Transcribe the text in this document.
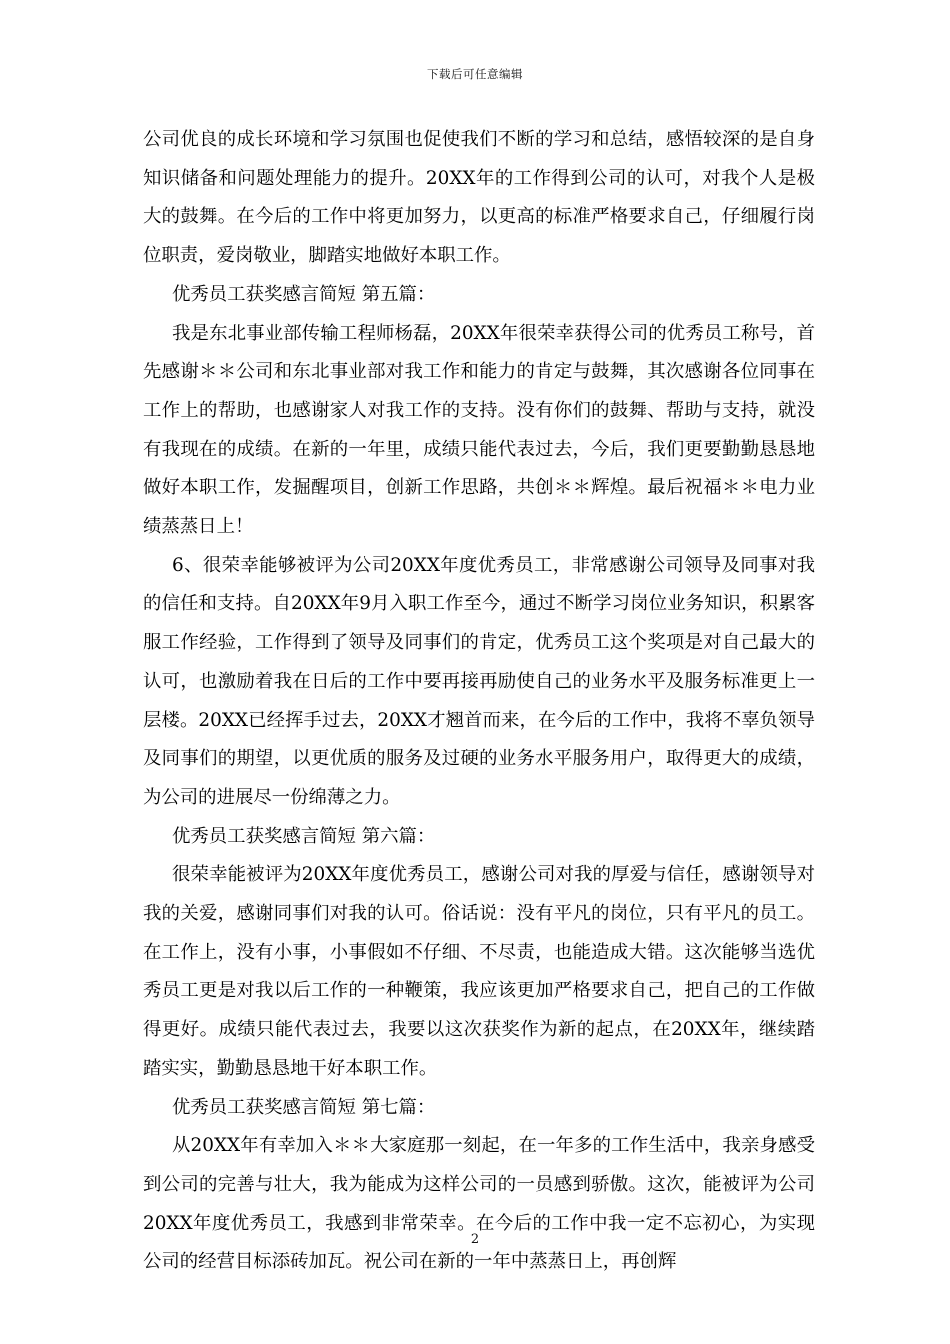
下载后可任意编辑

公司优良的成长环境和学习氛围也促使我们不断的学习和总结，感悟较深的是自身知识储备和问题处理能力的提升。20XX年的工作得到公司的认可，对我个人是极大的鼓舞。在今后的工作中将更加努力，以更高的标准严格要求自己，仔细履行岗位职责，爱岗敬业，脚踏实地做好本职工作。

优秀员工获奖感言简短 第五篇：

我是东北事业部传输工程师杨磊，20XX年很荣幸获得公司的优秀员工称号，首先感谢＊＊公司和东北事业部对我工作和能力的肯定与鼓舞，其次感谢各位同事在工作上的帮助，也感谢家人对我工作的支持。没有你们的鼓舞、帮助与支持，就没有我现在的成绩。在新的一年里，成绩只能代表过去，今后，我们更要勤勤恳恳地做好本职工作，发掘醒项目，创新工作思路，共创＊＊辉煌。最后祝福＊＊电力业绩蒸蒸日上！

6、很荣幸能够被评为公司20XX年度优秀员工，非常感谢公司领导及同事对我的信任和支持。自20XX年9月入职工作至今，通过不断学习岗位业务知识，积累客服工作经验，工作得到了领导及同事们的肯定，优秀员工这个奖项是对自己最大的认可，也激励着我在日后的工作中要再接再励使自己的业务水平及服务标准更上一层楼。20XX已经挥手过去，20XX才翘首而来，在今后的工作中，我将不辜负领导及同事们的期望，以更优质的服务及过硬的业务水平服务用户，取得更大的成绩，为公司的进展尽一份绵薄之力。

优秀员工获奖感言简短 第六篇：

很荣幸能被评为20XX年度优秀员工，感谢公司对我的厚爱与信任，感谢领导对我的关爱，感谢同事们对我的认可。俗话说：没有平凡的岗位，只有平凡的员工。在工作上，没有小事，小事假如不仔细、不尽责，也能造成大错。这次能够当选优秀员工更是对我以后工作的一种鞭策，我应该更加严格要求自己，把自己的工作做得更好。成绩只能代表过去，我要以这次获奖作为新的起点，在20XX年，继续踏踏实实，勤勤恳恳地干好本职工作。

优秀员工获奖感言简短 第七篇：

从20XX年有幸加入＊＊大家庭那一刻起，在一年多的工作生活中，我亲身感受到公司的完善与壮大，我为能成为这样公司的一员感到骄傲。这次，能被评为公司20XX年度优秀员工，我感到非常荣幸。在今后的工作中我一定不忘初心，为实现公司的经营目标添砖加瓦。祝公司在新的一年中蒸蒸日上，再创辉

2
